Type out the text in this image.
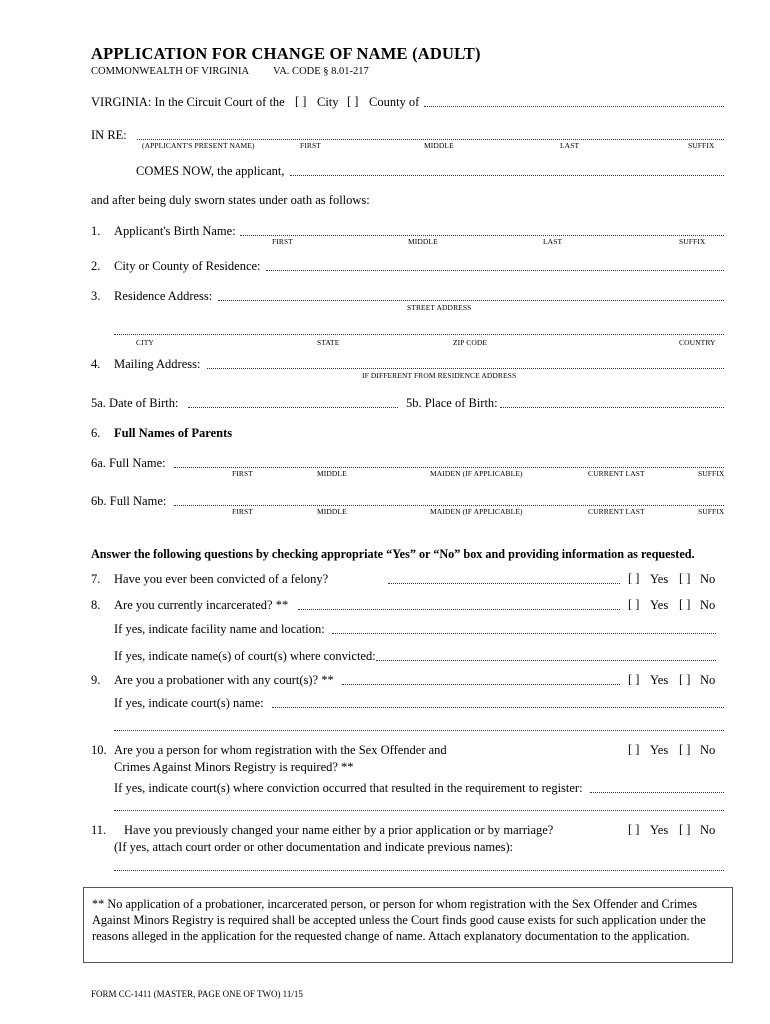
APPLICATION FOR CHANGE OF NAME (ADULT)
COMMONWEALTH OF VIRGINIA VA. CODE § 8.01-217
VIRGINIA: In the Circuit Court of the [ ] City [ ] County of
IN RE:
(APPLICANT'S PRESENT NAME)	FIRST	MIDDLE	LAST	SUFFIX
COMES NOW, the applicant,
and after being duly sworn states under oath as follows:
1. Applicant's Birth Name:
FIRST	MIDDLE	LAST	SUFFIX
2. City or County of Residence:
3. Residence Address:
STREET ADDRESS
CITY	STATE	ZIP CODE	COUNTRY
4. Mailing Address:
IF DIFFERENT FROM RESIDENCE ADDRESS
5a. Date of Birth:	5b. Place of Birth:
6. Full Names of Parents
6a. Full Name:
FIRST	MIDDLE	MAIDEN (IF APPLICABLE)	CURRENT LAST	SUFFIX
6b. Full Name:
FIRST	MIDDLE	MAIDEN (IF APPLICABLE)	CURRENT LAST	SUFFIX
Answer the following questions by checking appropriate “Yes” or “No” box and providing information as requested.
7. Have you ever been convicted of a felony?	[ ] Yes [ ] No
8. Are you currently incarcerated? **	[ ] Yes [ ] No
If yes, indicate facility name and location:
If yes, indicate name(s) of court(s) where convicted:
9. Are you a probationer with any court(s)? **	[ ] Yes [ ] No
If yes, indicate court(s) name:
10. Are you a person for whom registration with the Sex Offender and	[ ] Yes [ ] No
Crimes Against Minors Registry is required? **
If yes, indicate court(s) where conviction occurred that resulted in the requirement to register:
11. Have you previously changed your name either by a prior application or by marriage?	[ ] Yes [ ] No
(If yes, attach court order or other documentation and indicate previous names):
** No application of a probationer, incarcerated person, or person for whom registration with the Sex Offender and Crimes Against Minors Registry is required shall be accepted unless the Court finds good cause exists for such application under the reasons alleged in the application for the requested change of name. Attach explanatory documentation to the application.
FORM CC-1411 (MASTER, PAGE ONE OF TWO) 11/15
